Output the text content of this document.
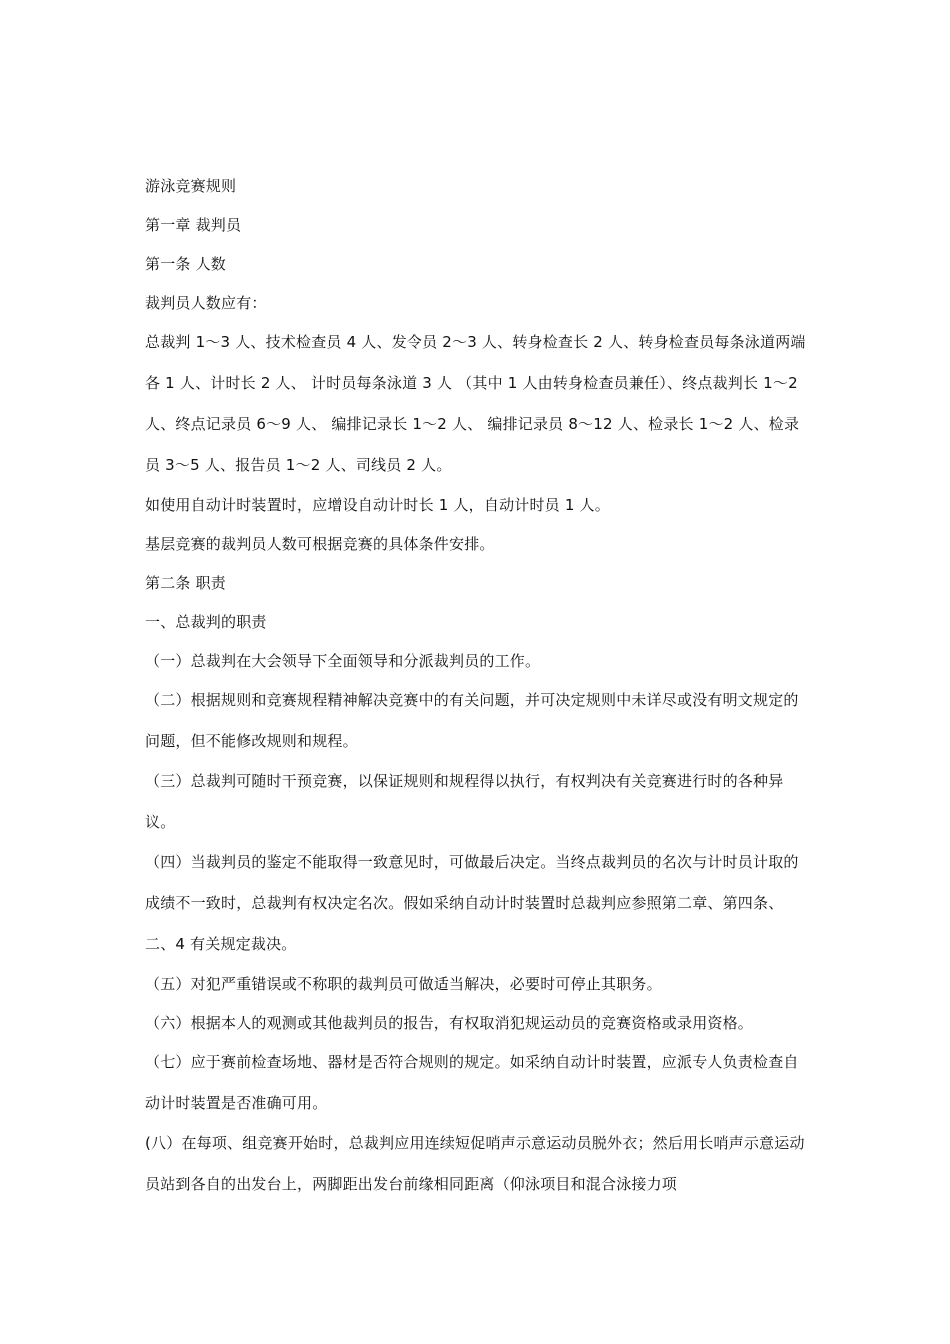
游泳竞赛规则

第一章 裁判员

第一条 人数

裁判员人数应有：

总裁判 1～3 人、技术检查员 4 人、发令员 2～3 人、转身检查长 2 人、转身检查员每条泳道两端各 1 人、计时长 2 人、 计时员每条泳道 3 人 （其中 1 人由转身检查员兼任）、终点裁判长 1～2 人、终点记录员 6～9 人、 编排记录长 1～2 人、 编排记录员 8～12 人、检录长 1～2 人、检录员 3～5 人、报告员 1～2 人、司线员 2 人。

如使用自动计时装置时，应增设自动计时长 1 人，自动计时员 1 人。

基层竞赛的裁判员人数可根据竞赛的具体条件安排。

第二条 职责

一、总裁判的职责

（一）总裁判在大会领导下全面领导和分派裁判员的工作。

（二）根据规则和竞赛规程精神解决竞赛中的有关问题，并可决定规则中未详尽或没有明文规定的问题，但不能修改规则和规程。

（三）总裁判可随时干预竞赛，以保证规则和规程得以执行，有权判决有关竞赛进行时的各种异议。

（四）当裁判员的鉴定不能取得一致意见时，可做最后决定。当终点裁判员的名次与计时员计取的成绩不一致时，总裁判有权决定名次。假如采纳自动计时装置时总裁判应参照第二章、第四条、二、4 有关规定裁决。

（五）对犯严重错误或不称职的裁判员可做适当解决，必要时可停止其职务。

（六）根据本人的观测或其他裁判员的报告，有权取消犯规运动员的竞赛资格或录用资格。

（七）应于赛前检查场地、器材是否符合规则的规定。如采纳自动计时装置，应派专人负责检查自动计时装置是否准确可用。

(八）在每项、组竞赛开始时，总裁判应用连续短促哨声示意运动员脱外衣；然后用长哨声示意运动员站到各自的出发台上，两脚距出发台前缘相同距离（仰泳项目和混合泳接力项
